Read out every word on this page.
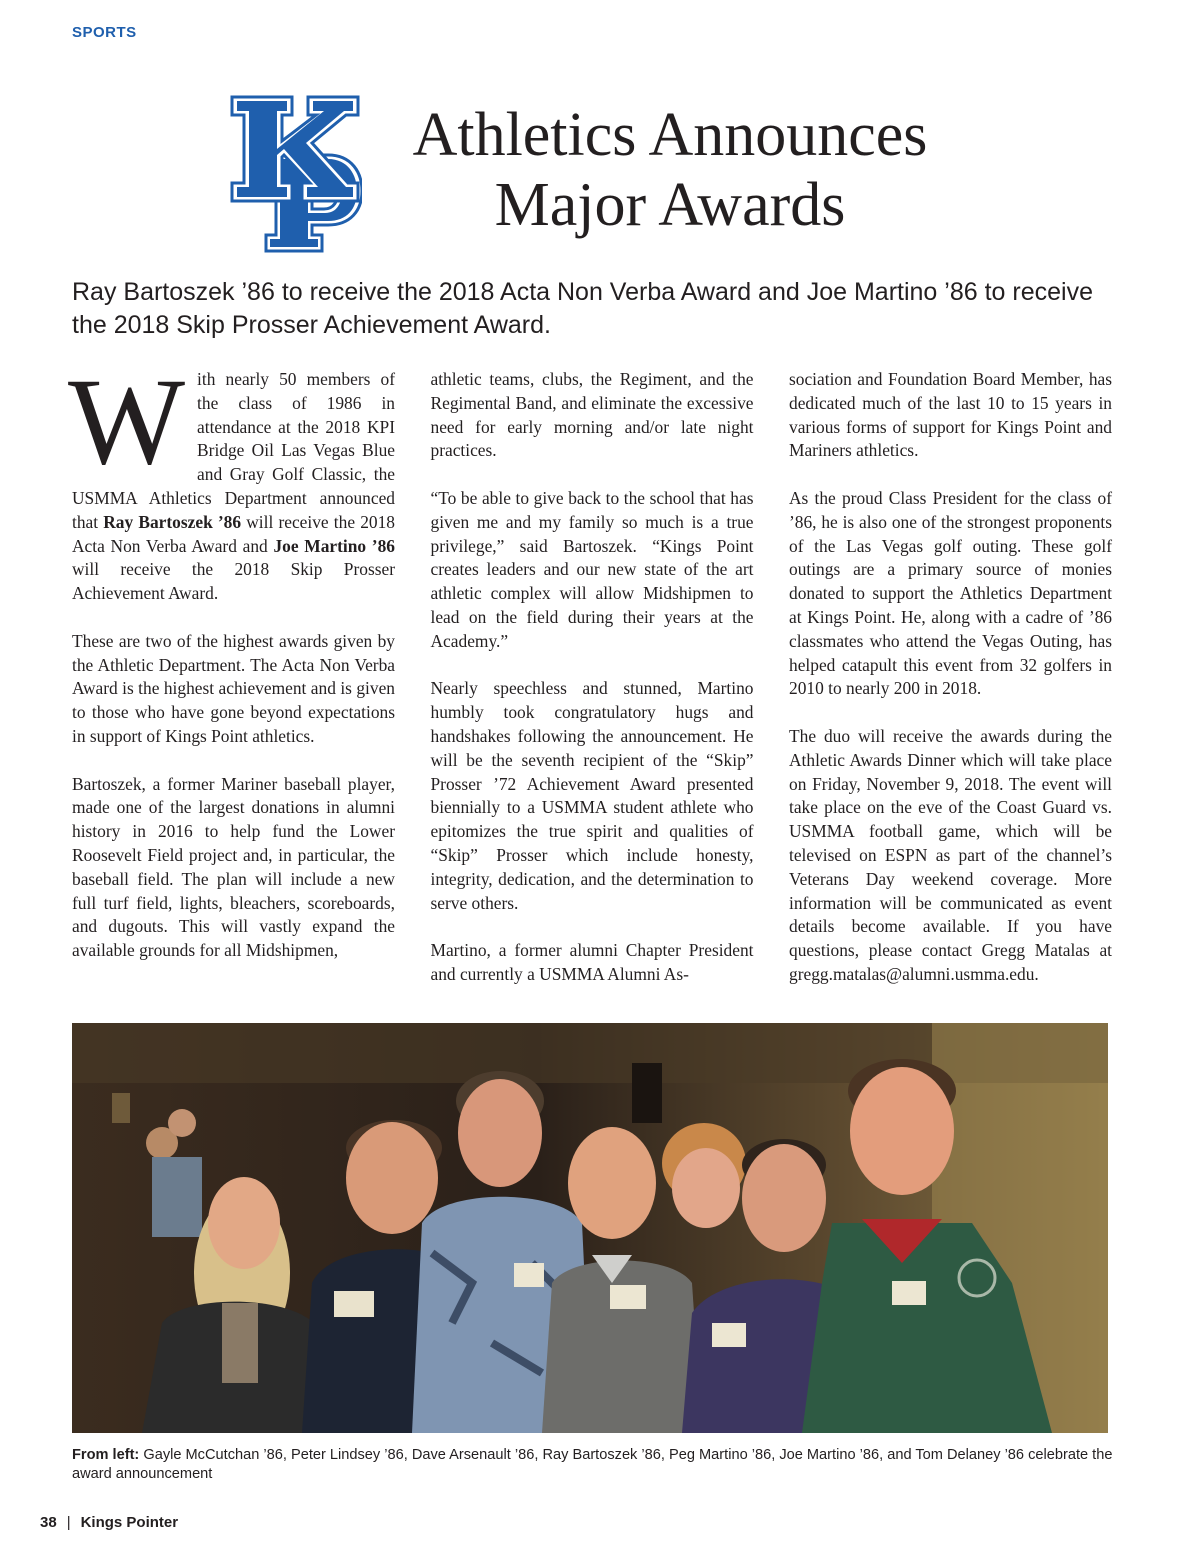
SPORTS
Athletics Announces
Major Awards

Ray Bartoszek ’86 to receive the 2018 Acta Non Verba Award and Joe Martino ’86 to receive the 2018 Skip Prosser Achievement Award.

With nearly 50 members of the class of 1986 in attendance at the 2018 KPI Bridge Oil Las Vegas Blue and Gray Golf Classic, the USMMA Athletics Department announced that Ray Bartoszek ’86 will receive the 2018 Acta Non Verba Award and Joe Martino ’86 will receive the 2018 Skip Prosser Achievement Award.

These are two of the highest awards given by the Athletic Department. The Acta Non Verba Award is the highest achievement and is given to those who have gone beyond expectations in support of Kings Point athletics.

Bartoszek, a former Mariner baseball player, made one of the largest donations in alumni history in 2016 to help fund the Lower Roosevelt Field project and, in particular, the baseball field. The plan will include a new full turf field, lights, bleachers, scoreboards, and dugouts. This will vastly expand the available grounds for all Midshipmen,

athletic teams, clubs, the Regiment, and the Regimental Band, and eliminate the excessive need for early morning and/or late night practices.

“To be able to give back to the school that has given me and my family so much is a true privilege,” said Bartoszek. “Kings Point creates leaders and our new state of the art athletic complex will allow Midshipmen to lead on the field during their years at the Academy.”

Nearly speechless and stunned, Martino humbly took congratulatory hugs and handshakes following the announcement. He will be the seventh recipient of the “Skip” Prosser ’72 Achievement Award presented biennially to a USMMA student athlete who epitomizes the true spirit and qualities of “Skip” Prosser which include honesty, integrity, dedication, and the determination to serve others.

Martino, a former alumni Chapter President and currently a USMMA Alumni As-

sociation and Foundation Board Member, has dedicated much of the last 10 to 15 years in various forms of support for Kings Point and Mariners athletics.

As the proud Class President for the class of ’86, he is also one of the strongest proponents of the Las Vegas golf outing. These golf outings are a primary source of monies donated to support the Athletics Department at Kings Point. He, along with a cadre of ’86 classmates who attend the Vegas Outing, has helped catapult this event from 32 golfers in 2010 to nearly 200 in 2018.

The duo will receive the awards during the Athletic Awards Dinner which will take place on Friday, November 9, 2018. The event will take place on the eve of the Coast Guard vs. USMMA football game, which will be televised on ESPN as part of the channel’s Veterans Day weekend coverage. More information will be communicated as event details become available. If you have questions, please contact Gregg Matalas at gregg.matalas@alumni.usmma.edu.

From left: Gayle McCutchan ’86, Peter Lindsey ’86, Dave Arsenault ’86, Ray Bartoszek ’86, Peg Martino ’86, Joe Martino ’86, and Tom Delaney ’86 celebrate the award announcement

38 | Kings Pointer
